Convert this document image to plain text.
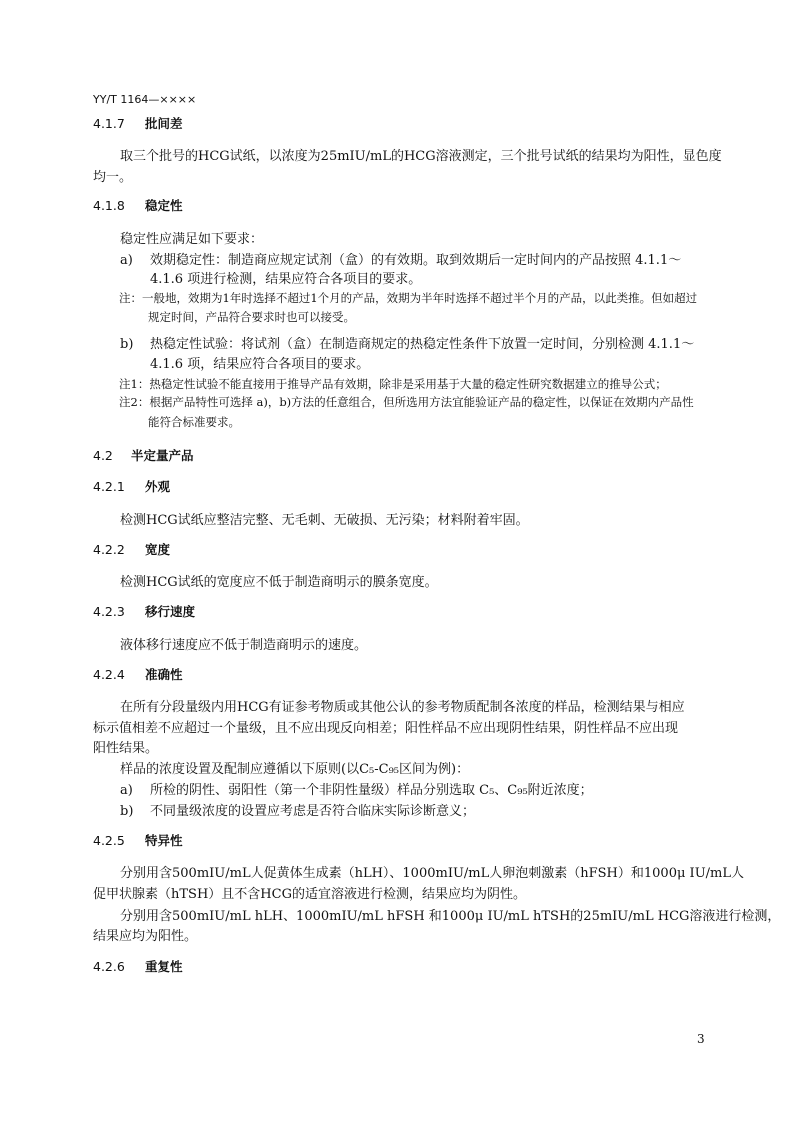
YY/T 1164—××××
4.1.7 批间差
取三个批号的HCG试纸，以浓度为25mIU/mL的HCG溶液测定，三个批号试纸的结果均为阳性，显色度
均一。
4.1.8 稳定性
稳定性应满足如下要求：
a) 效期稳定性：制造商应规定试剂（盒）的有效期。取到效期后一定时间内的产品按照 4.1.1～
4.1.6 项进行检测，结果应符合各项目的要求。
注：一般地，效期为1年时选择不超过1个月的产品，效期为半年时选择不超过半个月的产品，以此类推。但如超过
规定时间，产品符合要求时也可以接受。
b) 热稳定性试验：将试剂（盒）在制造商规定的热稳定性条件下放置一定时间，分别检测 4.1.1～
4.1.6 项，结果应符合各项目的要求。
注1：热稳定性试验不能直接用于推导产品有效期，除非是采用基于大量的稳定性研究数据建立的推导公式；
注2：根据产品特性可选择 a)，b)方法的任意组合，但所选用方法宜能验证产品的稳定性，以保证在效期内产品性
能符合标准要求。
4.2 半定量产品
4.2.1 外观
检测HCG试纸应整洁完整、无毛刺、无破损、无污染；材料附着牢固。
4.2.2 宽度
检测HCG试纸的宽度应不低于制造商明示的膜条宽度。
4.2.3 移行速度
液体移行速度应不低于制造商明示的速度。
4.2.4 准确性
在所有分段量级内用HCG有证参考物质或其他公认的参考物质配制各浓度的样品，检测结果与相应
标示值相差不应超过一个量级，且不应出现反向相差；阳性样品不应出现阴性结果，阴性样品不应出现
阳性结果。
样品的浓度设置及配制应遵循以下原则(以C₅-C₉₅区间为例)：
a) 所检的阴性、弱阳性（第一个非阴性量级）样品分别选取 C₅、C₉₅附近浓度；
b) 不同量级浓度的设置应考虑是否符合临床实际诊断意义；
4.2.5 特异性
分别用含500mIU/mL人促黄体生成素（hLH）、1000mIU/mL人卵泡刺激素（hFSH）和1000μ IU/mL人
促甲状腺素（hTSH）且不含HCG的适宜溶液进行检测，结果应均为阴性。
分别用含500mIU/mL hLH、1000mIU/mL hFSH 和1000μ IU/mL hTSH的25mIU/mL HCG溶液进行检测，
结果应均为阳性。
4.2.6 重复性
3
